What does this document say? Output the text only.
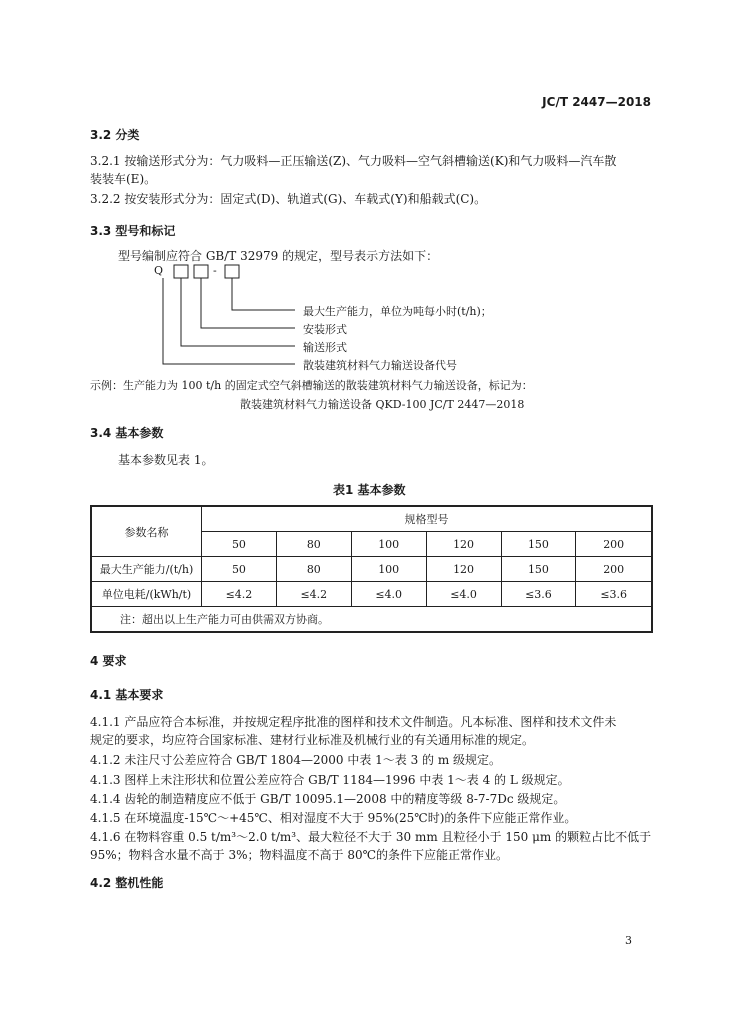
JC/T 2447—2018
3.2 分类
3.2.1 按输送形式分为：气力吸料—正压输送(Z)、气力吸料—空气斜槽输送(K)和气力吸料—汽车散
装装车(E)。
3.2.2 按安装形式分为：固定式(D)、轨道式(G)、车载式(Y)和船载式(C)。
3.3 型号和标记
型号编制应符合 GB/T 32979 的规定，型号表示方法如下：
Q	-
最大生产能力，单位为吨每小时(t/h)；
安装形式
输送形式
散装建筑材料气力输送设备代号
示例：生产能力为 100 t/h 的固定式空气斜槽输送的散装建筑材料气力输送设备，标记为：
散装建筑材料气力输送设备 QKD-100 JC/T 2447—2018
3.4 基本参数
基本参数见表 1。
表1 基本参数
参数名称	规格型号					
	50	80	100	120	150	200
最大生产能力/(t/h)	50	80	100	120	150	200
单位电耗/(kWh/t)	≤4.2	≤4.2	≤4.0	≤4.0	≤3.6	≤3.6
注：超出以上生产能力可由供需双方协商。						
4 要求
4.1 基本要求
4.1.1 产品应符合本标准，并按规定程序批准的图样和技术文件制造。凡本标准、图样和技术文件未
规定的要求，均应符合国家标准、建材行业标准及机械行业的有关通用标准的规定。
4.1.2 未注尺寸公差应符合 GB/T 1804—2000 中表 1～表 3 的 m 级规定。
4.1.3 图样上未注形状和位置公差应符合 GB/T 1184—1996 中表 1～表 4 的 L 级规定。
4.1.4 齿轮的制造精度应不低于 GB/T 10095.1—2008 中的精度等级 8-7-7Dc 级规定。
4.1.5 在环境温度-15℃～+45℃、相对湿度不大于 95%(25℃时)的条件下应能正常作业。
4.1.6 在物料容重 0.5 t/m³～2.0 t/m³、最大粒径不大于 30 mm 且粒径小于 150 μm 的颗粒占比不低于
95%；物料含水量不高于 3%；物料温度不高于 80℃的条件下应能正常作业。
4.2 整机性能
3
